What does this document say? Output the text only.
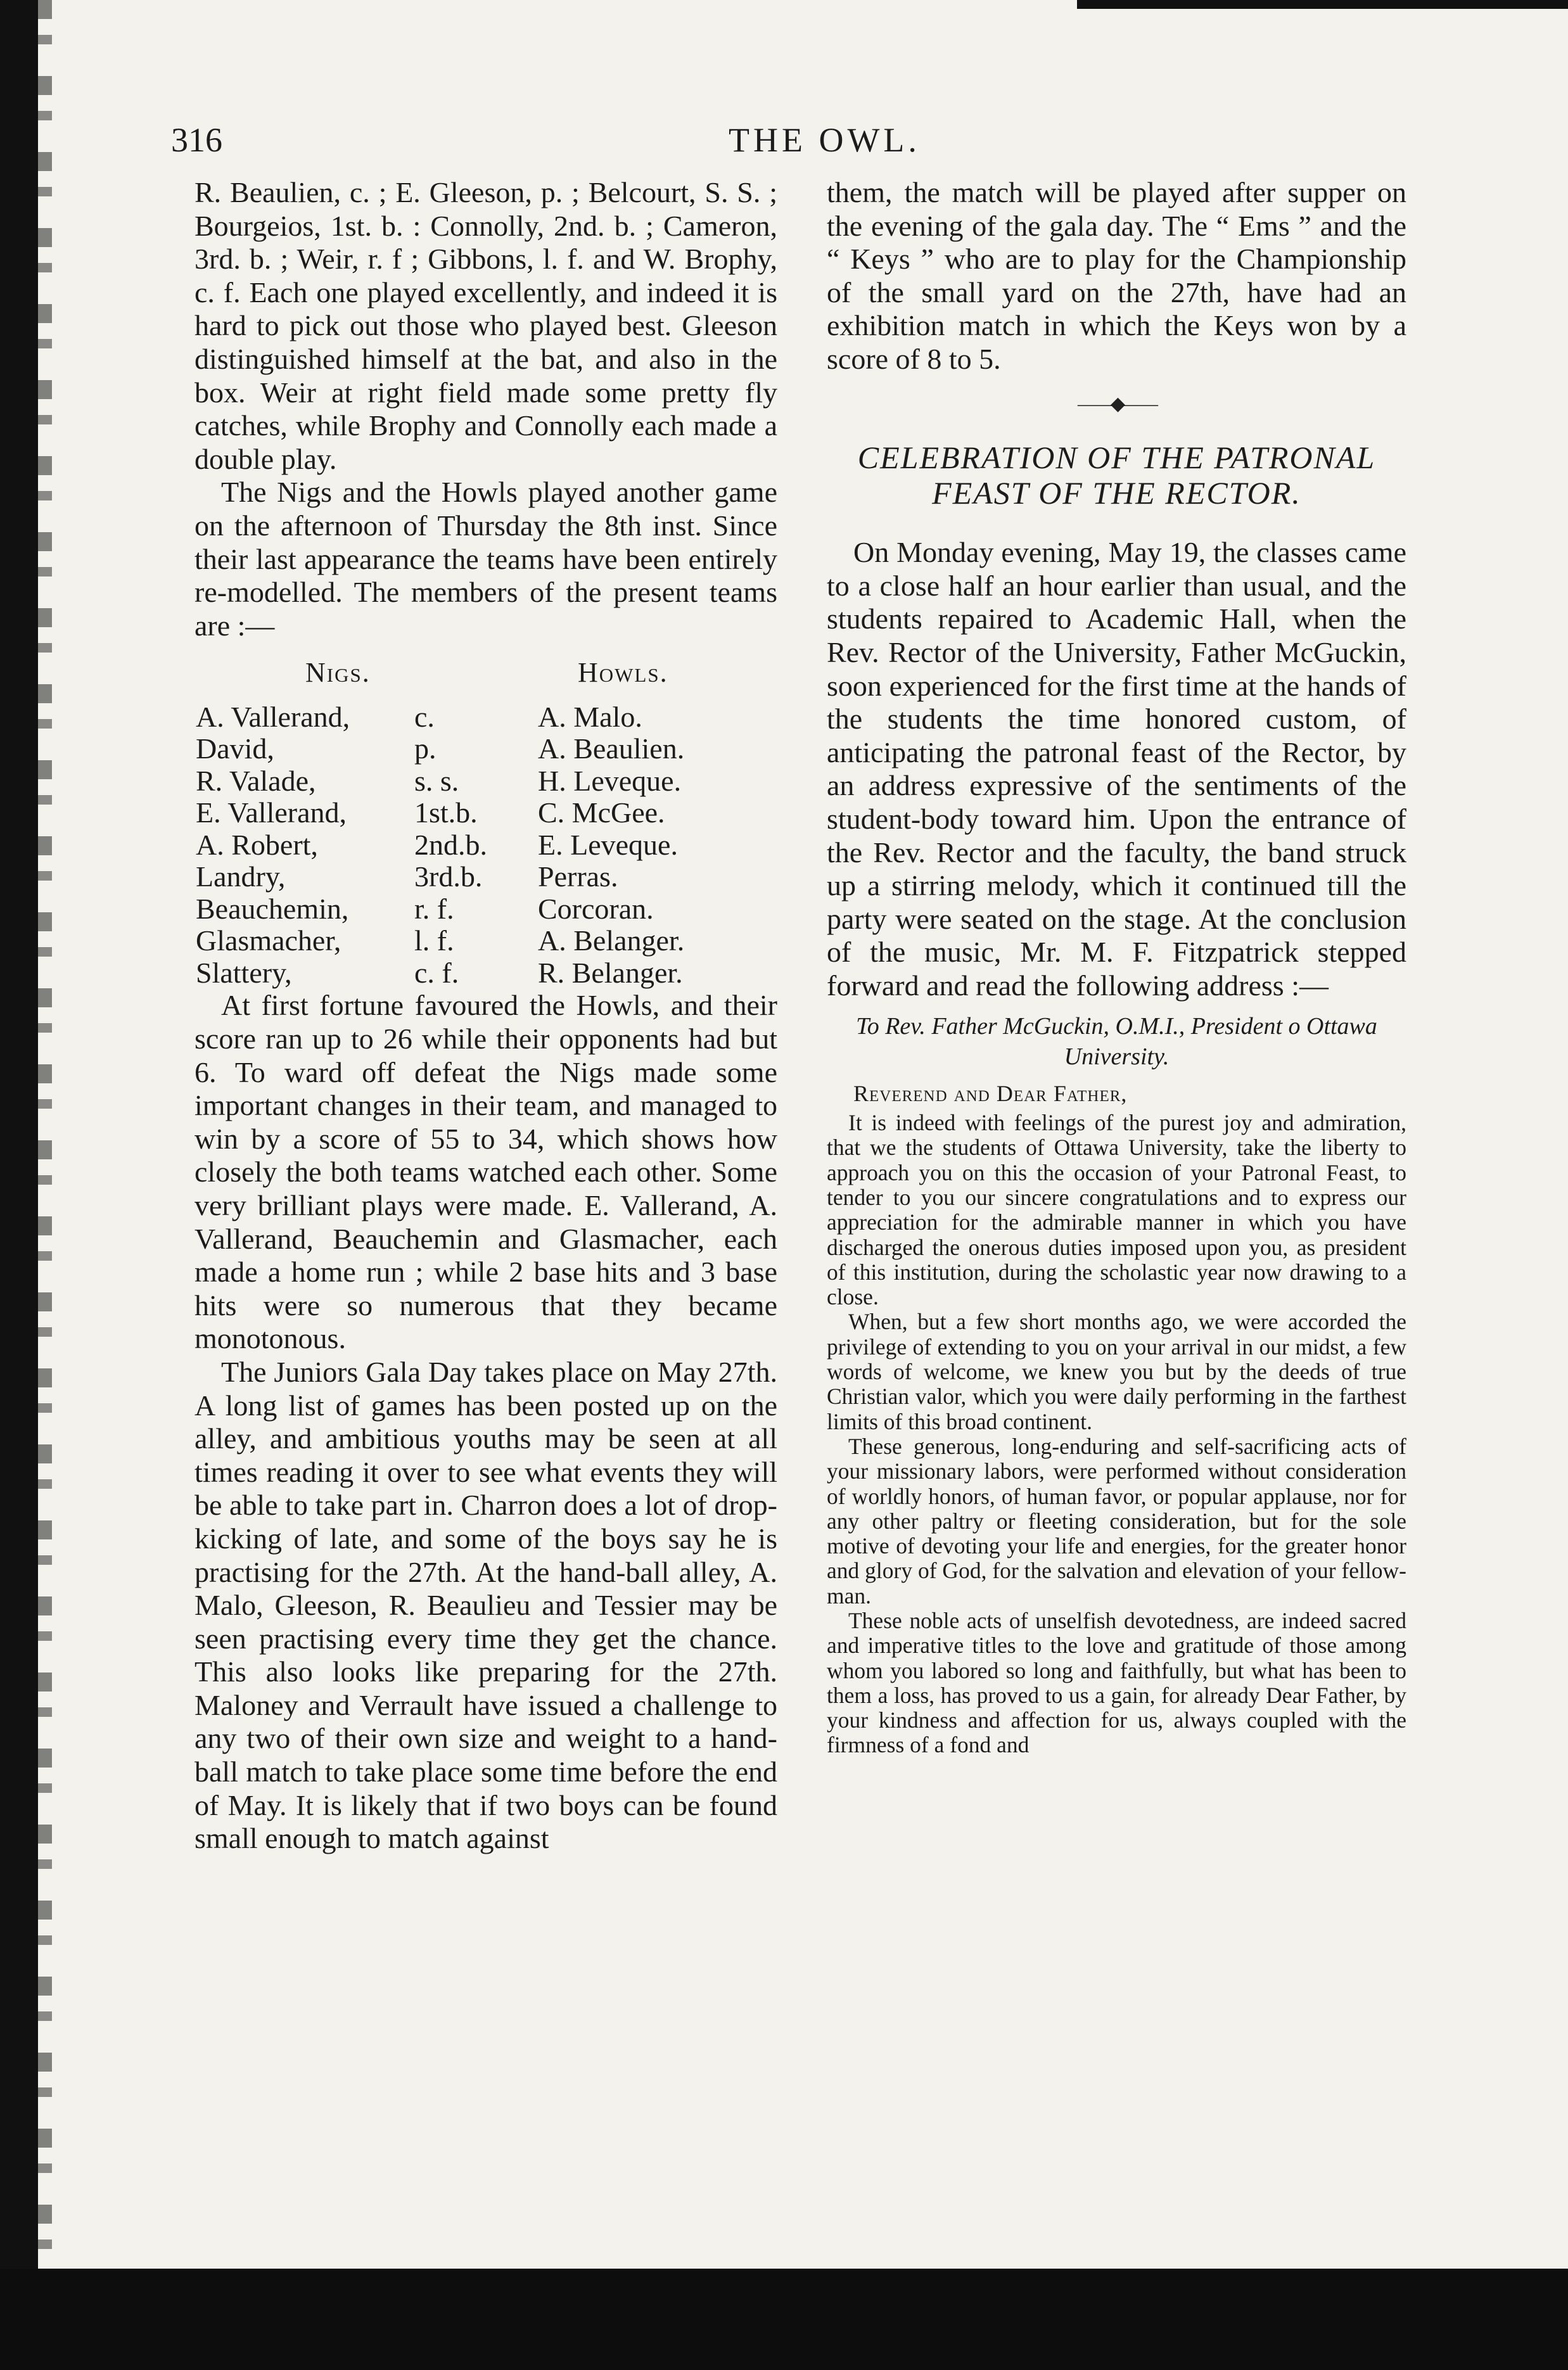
316	THE OWL.

R. Beaulien, c. ; E. Gleeson, p. ; Belcourt, S. S. ; Bourgeios, 1st. b. : Connolly, 2nd. b. ; Cameron, 3rd. b. ; Weir, r. f ; Gibbons, l. f. and W. Brophy, c. f. Each one played excellently, and indeed it is hard to pick out those who played best. Gleeson distinguished himself at the bat, and also in the box. Weir at right field made some pretty fly catches, while Brophy and Connolly each made a double play.

The Nigs and the Howls played another game on the afternoon of Thursday the 8th inst. Since their last appearance the teams have been entirely re-modelled. The members of the present teams are :—

Nigs.	Howls.
A. Vallerand,	c.	A. Malo.
David,	p.	A. Beaulien.
R. Valade,	s. s.	H. Leveque.
E. Vallerand,	1st.b.	C. McGee.
A. Robert,	2nd.b.	E. Leveque.
Landry,	3rd.b.	Perras.
Beauchemin,	r. f.	Corcoran.
Glasmacher,	l. f.	A. Belanger.
Slattery,	c. f.	R. Belanger.

At first fortune favoured the Howls, and their score ran up to 26 while their opponents had but 6. To ward off defeat the Nigs made some important changes in their team, and managed to win by a score of 55 to 34, which shows how closely the both teams watched each other. Some very brilliant plays were made. E. Vallerand, A. Vallerand, Beauchemin and Glasmacher, each made a home run ; while 2 base hits and 3 base hits were so numerous that they became monotonous.

The Juniors Gala Day takes place on May 27th. A long list of games has been posted up on the alley, and ambitious youths may be seen at all times reading it over to see what events they will be able to take part in. Charron does a lot of drop-kicking of late, and some of the boys say he is practising for the 27th. At the hand-ball alley, A. Malo, Gleeson, R. Beaulieu and Tessier may be seen practising every time they get the chance. This also looks like preparing for the 27th. Maloney and Verrault have issued a challenge to any two of their own size and weight to a hand-ball match to take place some time before the end of May. It is likely that if two boys can be found small enough to match against

them, the match will be played after supper on the evening of the gala day. The “ Ems ” and the “ Keys ” who are to play for the Championship of the small yard on the 27th, have had an exhibition match in which the Keys won by a score of 8 to 5.

——◆——
CELEBRATION OF THE PATRONAL FEAST OF THE RECTOR.

On Monday evening, May 19, the classes came to a close half an hour earlier than usual, and the students repaired to Academic Hall, when the Rev. Rector of the University, Father McGuckin, soon experienced for the first time at the hands of the students the time honored custom, of anticipating the patronal feast of the Rector, by an address expressive of the sentiments of the student-body toward him. Upon the entrance of the Rev. Rector and the faculty, the band struck up a stirring melody, which it continued till the party were seated on the stage. At the conclusion of the music, Mr. M. F. Fitzpatrick stepped forward and read the following address :—

To Rev. Father McGuckin, O.M.I., President o Ottawa University.

Reverend and Dear Father,

It is indeed with feelings of the purest joy and admiration, that we the students of Ottawa University, take the liberty to approach you on this the occasion of your Patronal Feast, to tender to you our sincere congratulations and to express our appreciation for the admirable manner in which you have discharged the onerous duties imposed upon you, as president of this institution, during the scholastic year now drawing to a close.

When, but a few short months ago, we were accorded the privilege of extending to you on your arrival in our midst, a few words of welcome, we knew you but by the deeds of true Christian valor, which you were daily performing in the farthest limits of this broad continent.

These generous, long-enduring and self-sacrificing acts of your missionary labors, were performed without consideration of worldly honors, of human favor, or popular applause, nor for any other paltry or fleeting consideration, but for the sole motive of devoting your life and energies, for the greater honor and glory of God, for the salvation and elevation of your fellow-man.

These noble acts of unselfish devotedness, are indeed sacred and imperative titles to the love and gratitude of those among whom you labored so long and faithfully, but what has been to them a loss, has proved to us a gain, for already Dear Father, by your kindness and affection for us, always coupled with the firmness of a fond and
